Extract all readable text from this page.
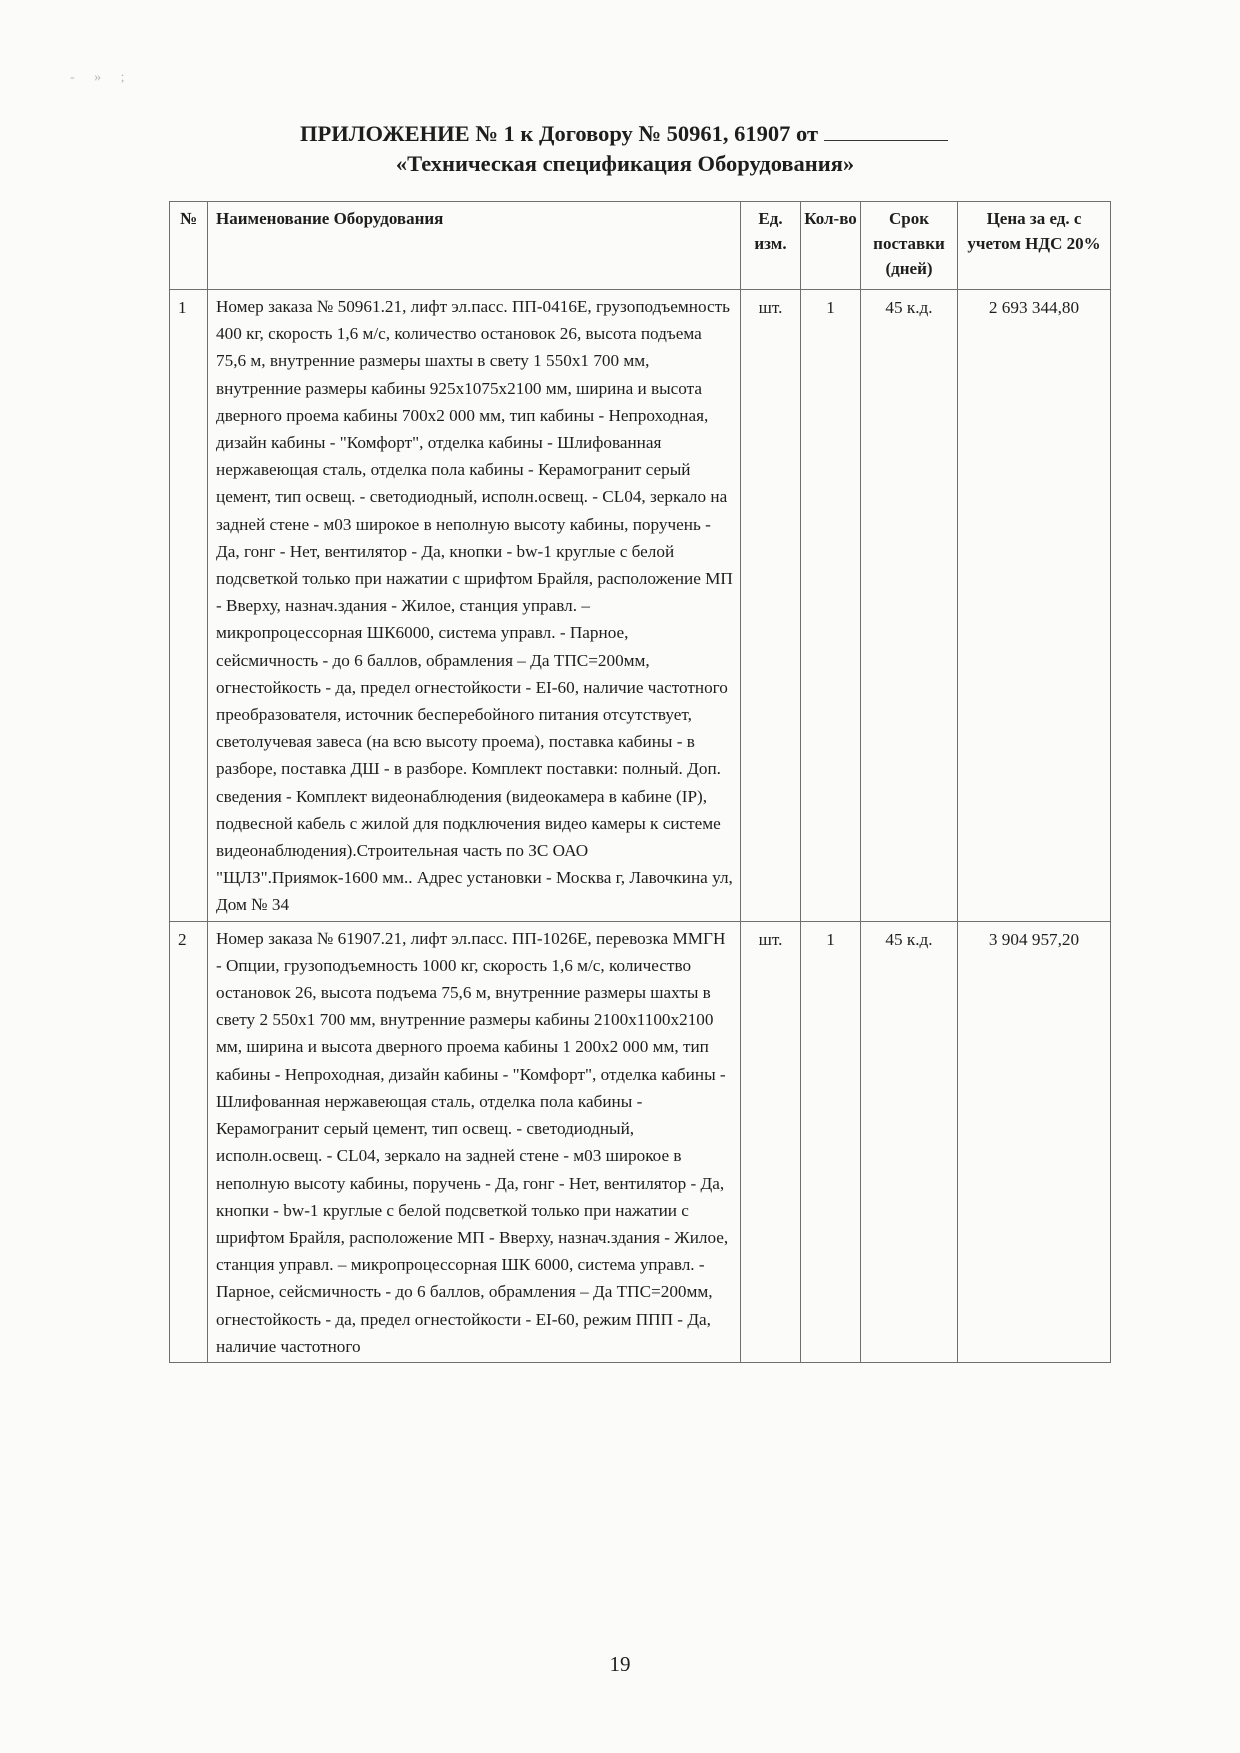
- » ;
ПРИЛОЖЕНИЕ № 1 к Договору № 50961, 61907 от
«Техническая спецификация Оборудования»
№	Наименование Оборудования	Ед. изм.	Кол-во	Срок поставки (дней)	Цена за ед. с учетом НДС 20%
1	Номер заказа № 50961.21, лифт эл.пасс. ПП-0416Е, грузоподъемность 400 кг, скорость 1,6 м/с, количество остановок 26, высота подъема 75,6 м, внутренние размеры шахты в свету 1 550х1 700 мм, внутренние размеры кабины 925х1075х2100 мм, ширина и высота дверного проема кабины 700х2 000 мм, тип кабины - Непроходная, дизайн кабины - "Комфорт", отделка кабины - Шлифованная нержавеющая сталь, отделка пола кабины - Керамогранит серый цемент, тип освещ. - светодиодный, исполн.освещ. - CL04, зеркало на задней стене - м03 широкое в неполную высоту кабины, поручень - Да, гонг - Нет, вентилятор - Да, кнопки - bw-1 круглые с белой подсветкой только при нажатии с шрифтом Брайля, расположение МП - Вверху, назнач.здания - Жилое, станция управл. – микропроцессорная ШК6000, система управл. - Парное, сейсмичность - до 6 баллов, обрамления – Да ТПС=200мм, огнестойкость - да, предел огнестойкости - EI-60, наличие частотного преобразователя, источник бесперебойного питания отсутствует, светолучевая завеса (на всю высоту проема), поставка кабины - в разборе, поставка ДШ - в разборе. Комплект поставки: полный. Доп. сведения - Комплект видеонаблюдения (видеокамера в кабине (IP), подвесной кабель с жилой для подключения видео камеры к системе видеонаблюдения).Строительная часть по ЗС ОАО "ЩЛЗ".Приямок-1600 мм.. Адрес установки - Москва г, Лавочкина ул, Дом № 34	шт.	1	45 к.д.	2 693 344,80
2	Номер заказа № 61907.21, лифт эл.пасс. ПП-1026Е, перевозка ММГН - Опции, грузоподъемность 1000 кг, скорость 1,6 м/с, количество остановок 26, высота подъема 75,6 м, внутренние размеры шахты в свету 2 550х1 700 мм, внутренние размеры кабины 2100х1100х2100 мм, ширина и высота дверного проема кабины 1 200х2 000 мм, тип кабины - Непроходная, дизайн кабины - "Комфорт", отделка кабины - Шлифованная нержавеющая сталь, отделка пола кабины - Керамогранит серый цемент, тип освещ. - светодиодный, исполн.освещ. - CL04, зеркало на задней стене - м03 широкое в неполную высоту кабины, поручень - Да, гонг - Нет, вентилятор - Да, кнопки - bw-1 круглые с белой подсветкой только при нажатии с шрифтом Брайля, расположение МП - Вверху, назнач.здания - Жилое, станция управл. – микропроцессорная ШК 6000, система управл. - Парное, сейсмичность - до 6 баллов, обрамления – Да ТПС=200мм, огнестойкость - да, предел огнестойкости - EI-60, режим ППП - Да, наличие частотного	шт.	1	45 к.д.	3 904 957,20
19
